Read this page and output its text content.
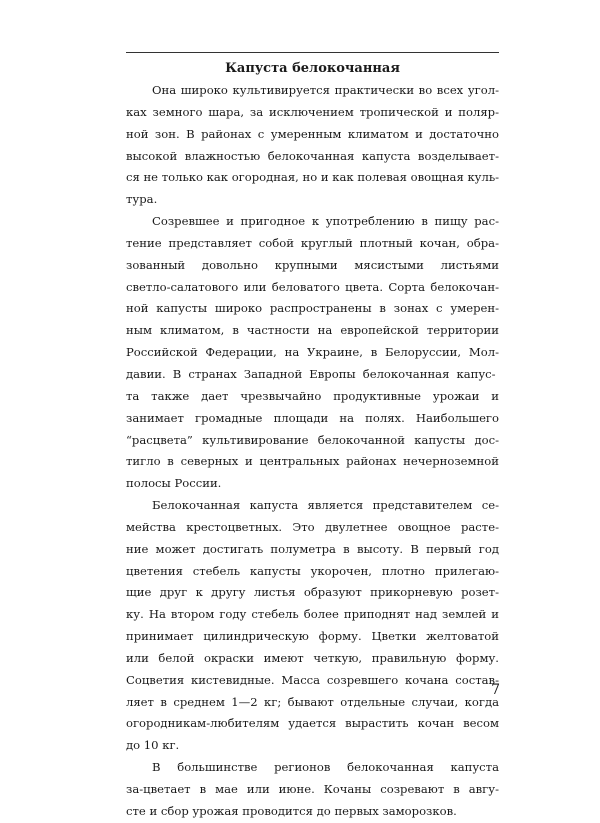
Капуста белокочанная
Она широко культивируется практически во всех угол-
ках земного шара, за исключением тропической и поляр-
ной зон. В районах с умеренным климатом и достаточно
высокой влажностью белокочанная капуста возделывает-
ся не только как огородная, но и как полевая овощная куль-
тура.
Созревшее и пригодное к употреблению в пищу рас-
тение представляет собой круглый плотный кочан, обра-
зованный довольно крупными мясистыми листьями
светло-салатового или беловатого цвета. Сорта белокочан-
ной капусты широко распространены в зонах с умерен-
ным климатом, в частности на европейской территории
Российской Федерации, на Украине, в Белоруссии, Мол-
давии. В странах Западной Европы белокочанная капус-
та также дает чрезвычайно продуктивные урожаи и
занимает громадные площади на полях. Наибольшего
“расцвета” культивирование белокочанной капусты дос-
тигло в северных и центральных районах нечерноземной
полосы России.
Белокочанная капуста является представителем се-
мейства крестоцветных. Это двулетнее овощное расте-
ние может достигать полуметра в высоту. В первый год
цветения стебель капусты укорочен, плотно прилегаю-
щие друг к другу листья образуют прикорневую розет-
ку. На втором году стебель более приподнят над землей и
принимает цилиндрическую форму. Цветки желтоватой
или белой окраски имеют четкую, правильную форму.
Соцветия кистевидные. Масса созревшего кочана состав-
ляет в среднем 1—2 кг; бывают отдельные случаи, когда
огородникам-любителям удается вырастить кочан весом
до 10 кг.
В большинстве регионов белокочанная капуста
за-цветает в мае или июне. Кочаны созревают в авгу-
сте и сбор урожая проводится до первых заморозков.
7
